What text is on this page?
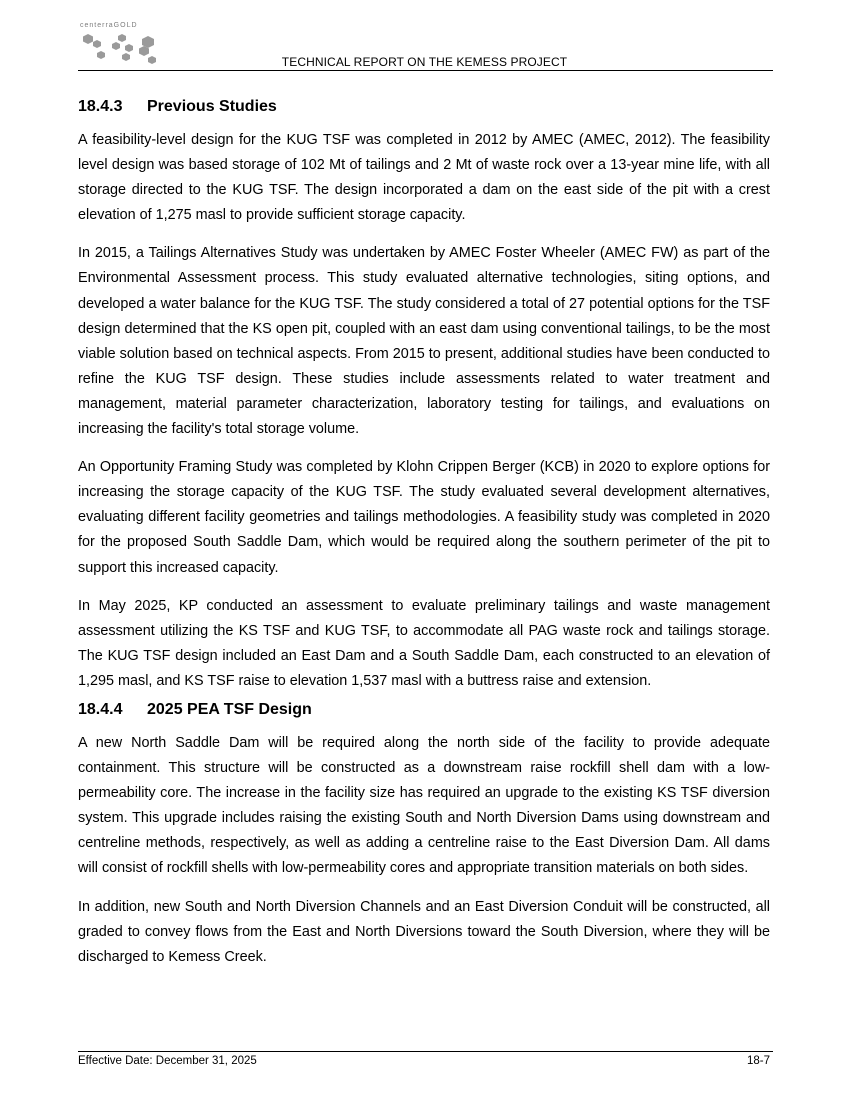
centerraGOLD
TECHNICAL REPORT ON THE KEMESS PROJECT
18.4.3 Previous Studies

A feasibility-level design for the KUG TSF was completed in 2012 by AMEC (AMEC, 2012). The feasibility level design was based storage of 102 Mt of tailings and 2 Mt of waste rock over a 13-year mine life, with all storage directed to the KUG TSF. The design incorporated a dam on the east side of the pit with a crest elevation of 1,275 masl to provide sufficient storage capacity.

In 2015, a Tailings Alternatives Study was undertaken by AMEC Foster Wheeler (AMEC FW) as part of the Environmental Assessment process. This study evaluated alternative technologies, siting options, and developed a water balance for the KUG TSF. The study considered a total of 27 potential options for the TSF design determined that the KS open pit, coupled with an east dam using conventional tailings, to be the most viable solution based on technical aspects. From 2015 to present, additional studies have been conducted to refine the KUG TSF design. These studies include assessments related to water treatment and management, material parameter characterization, laboratory testing for tailings, and evaluations on increasing the facility's total storage volume.

An Opportunity Framing Study was completed by Klohn Crippen Berger (KCB) in 2020 to explore options for increasing the storage capacity of the KUG TSF. The study evaluated several development alternatives, evaluating different facility geometries and tailings methodologies. A feasibility study was completed in 2020 for the proposed South Saddle Dam, which would be required along the southern perimeter of the pit to support this increased capacity.

In May 2025, KP conducted an assessment to evaluate preliminary tailings and waste management assessment utilizing the KS TSF and KUG TSF, to accommodate all PAG waste rock and tailings storage. The KUG TSF design included an East Dam and a South Saddle Dam, each constructed to an elevation of 1,295 masl, and KS TSF raise to elevation 1,537 masl with a buttress raise and extension.

18.4.4 2025 PEA TSF Design

A new North Saddle Dam will be required along the north side of the facility to provide adequate containment. This structure will be constructed as a downstream raise rockfill shell dam with a low-permeability core. The increase in the facility size has required an upgrade to the existing KS TSF diversion system. This upgrade includes raising the existing South and North Diversion Dams using downstream and centreline methods, respectively, as well as adding a centreline raise to the East Diversion Dam. All dams will consist of rockfill shells with low-permeability cores and appropriate transition materials on both sides.

In addition, new South and North Diversion Channels and an East Diversion Conduit will be constructed, all graded to convey flows from the East and North Diversions toward the South Diversion, where they will be discharged to Kemess Creek.

Effective Date: December 31, 2025	18-7
